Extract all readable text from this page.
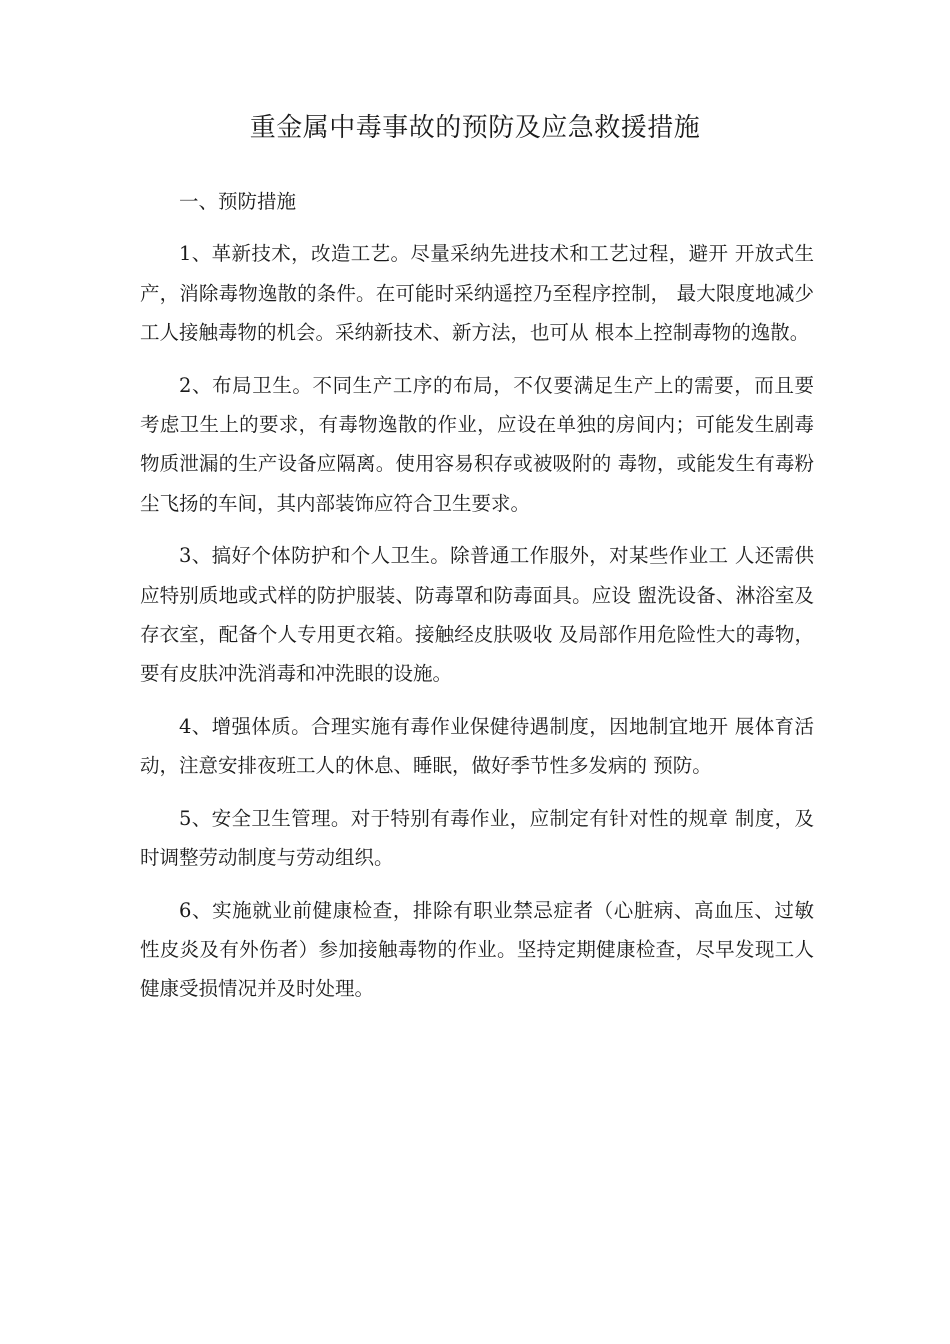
重金属中毒事故的预防及应急救援措施

一、预防措施

1、革新技术，改造工艺。尽量采纳先进技术和工艺过程，避开 开放式生产，消除毒物逸散的条件。在可能时采纳遥控乃至程序控制， 最大限度地减少工人接触毒物的机会。采纳新技术、新方法，也可从 根本上控制毒物的逸散。

2、布局卫生。不同生产工序的布局，不仅要满足生产上的需要，而且要考虑卫生上的要求，有毒物逸散的作业，应设在单独的房间内；可能发生剧毒物质泄漏的生产设备应隔离。使用容易积存或被吸附的 毒物，或能发生有毒粉尘飞扬的车间，其内部装饰应符合卫生要求。

3、搞好个体防护和个人卫生。除普通工作服外，对某些作业工 人还需供应特别质地或式样的防护服装、防毒罩和防毒面具。应设 盥洗设备、淋浴室及存衣室，配备个人专用更衣箱。接触经皮肤吸收 及局部作用危险性大的毒物，要有皮肤冲洗消毒和冲洗眼的设施。

4、增强体质。合理实施有毒作业保健待遇制度，因地制宜地开 展体育活动，注意安排夜班工人的休息、睡眠，做好季节性多发病的 预防。

5、安全卫生管理。对于特别有毒作业，应制定有针对性的规章 制度，及时调整劳动制度与劳动组织。

6、实施就业前健康检查，排除有职业禁忌症者（心脏病、高血压、过敏性皮炎及有外伤者）参加接触毒物的作业。坚持定期健康检查，尽早发现工人健康受损情况并及时处理。
